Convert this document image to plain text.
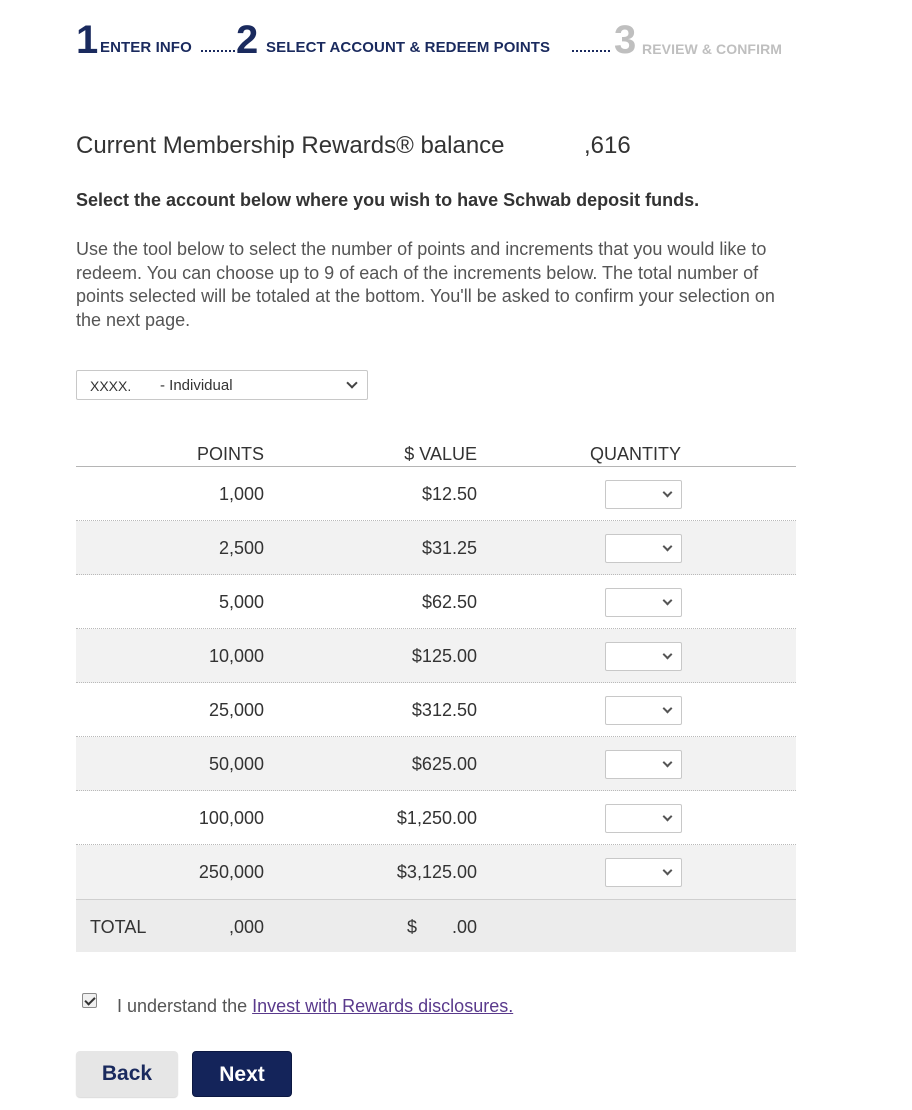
1 ENTER INFO 2 SELECT ACCOUNT & REDEEM POINTS 3 REVIEW & CONFIRM
Current Membership Rewards® balance	,616
Select the account below where you wish to have Schwab deposit funds.
Use the tool below to select the number of points and increments that you would like to redeem. You can choose up to 9 of each of the increments below. The total number of points selected will be totaled at the bottom. You'll be asked to confirm your selection on the next page.
XXXX. - Individual
POINTS	$ VALUE	QUANTITY
1,000	$12.50
2,500	$31.25
5,000	$62.50
10,000	$125.00
25,000	$312.50
50,000	$625.00
100,000	$1,250.00
250,000	$3,125.00
TOTAL	,000	$       .00
I understand the Invest with Rewards disclosures.
Back	Next
